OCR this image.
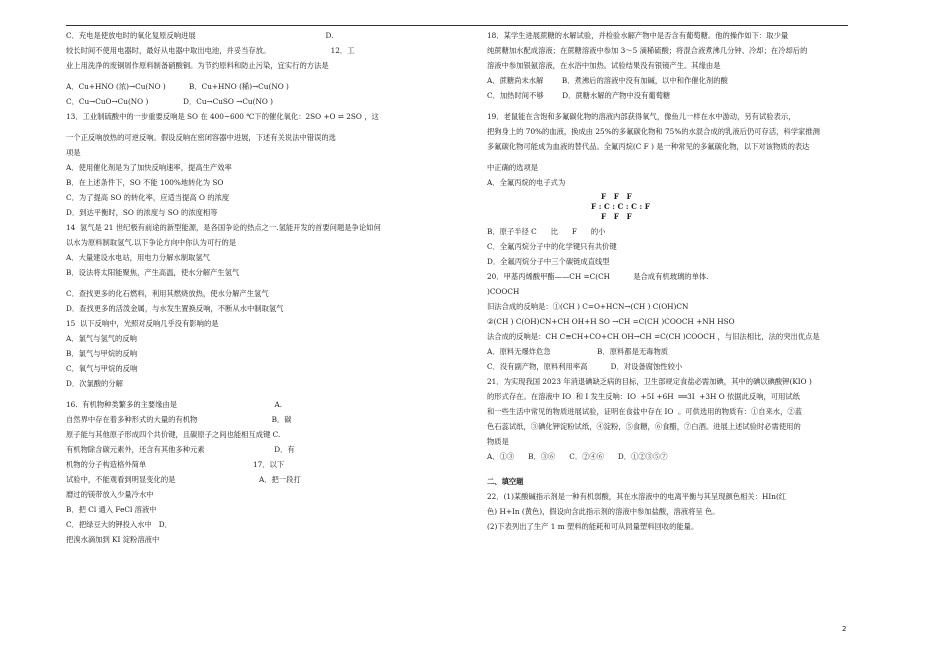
C．充电是使放电时的氧化复原反响进展                                                        D.

较长时间不使用电器时，最好从电器中取出电池，并妥当存放。                          12．工

业上用洗净的废铜屑作原料制备硝酸铜。为节约原料和防止污染，宜实行的方法是

A．Cu+HNO (浓)→Cu(NO )          B．Cu+HNO (稀)→Cu(NO )

C．Cu→CuO→Cu(NO )               D．Cu→CuSO →Cu(NO )

13．工业制硫酸中的一步重要反响是 SO 在 400~600 ℃下的催化氧化：2SO +O ⇌ 2SO ，这

一个正反响放热的可逆反响。假设反响在密闭容器中进展，下述有关说法中错误的选

项是

A．使用催化剂是为了加快反响速率，提高生产效率

B．在上述条件下，SO 不能 100%地转化为 SO

C．为了提高 SO 的转化率，应适当提高 O 的浓度

D．到达平衡时，SO 的浓度与 SO 的浓度相等

14  氢气是 21 世纪极有前途的新型能源，是各国争论的热点之一.氢能开发的首要问题是争论如何

以水为原料制取氢气.以下争论方向中你认为可行的是

A．大量建设水电站，用电力分解水制取氢气

B．设法将太阳能聚焦，产生高温，使水分解产生氢气

C．查找更多的化石燃料，利用其燃烧放热，使水分解产生氢气

D．查找更多的活泼金属，与水发生置换反响，不断从水中制取氢气

15  以下反响中，光照对反响几乎没有影响的是

A．氯气与氢气的反响

B．氯气与甲烷的反响

C．氧气与甲烷的反响

D．次氯酸的分解

16.  有机物种类繁多的主要缘由是                                          A.

自然界中存在着多种形式的大量的有机物                                B．碳

原子能与其他原子形成四个共价键，且碳原子之间也能相互成键 C.

有机物除含碳元素外，还含有其他多种元素                              D．有

机物的分子构造格外简单                                              17．以下

试验中，不能观看到明显变化的是                                    A．把一段打

磨过的镁带放入少量冷水中

B．把 Cl 通入 FeCl 溶液中

C．把绿豆大的钾投入水中   D．

把溴水滴加到 KI 淀粉溶液中

18．某学生进展蔗糖的水解试验，并检验水解产物中是否含有葡萄糖。他的操作如下：取少量

纯蔗糖加水配成溶液；在蔗糖溶液中参加 3～5 滴稀硫酸；将混合液煮沸几分钟、冷却；在冷却后的

溶液中参加银氨溶液，在水浴中加热。试验结果没有银镜产生。其缘由是

A．蔗糖尚未水解        B．煮沸后的溶液中没有加碱，以中和作催化剂的酸

C．加热时间不够        D．蔗糖水解的产物中没有葡萄糖

19．老鼠能在含饱和多氟碳化物的溶液内部获得氧气，像鱼儿一样在水中游动，另有试验表示，

把狗身上的 70%的血液，换成由 25%的多氟碳化物和 75%的水混合成的乳液后仍可存活，科学家推测

多氟碳化物可能成为血液的替代品。全氟丙烷(C F ) 是一种常见的多氟碳化物，以下对该物质的表达

中正确的选项是

A．全氟丙烷的电子式为

F   F   F

F : C : C : C : F

F   F   F

B．原子半径 C      比      F      的小

C．全氟丙烷分子中的化学键只有共价键

D．全氟丙烷分子中三个碳链成直线型

20．甲基丙烯酸甲酯——CH =C(CH          是合成有机玻璃的单体.

)COOCH

旧法合成的反响是：①(CH ) C=O+HCN→(CH ) C(OH)CN

②(CH ) C(OH)CN+CH OH+H SO →CH =C(CH )COOCH +NH HSO

法合成的反响是：CH C≡CH+CO+CH OH→CH =C(CH )COOCH ，与旧法相比，法的突出优点是

A．原料无爆炸危急                    B．原料都是无毒物质

C．没有副产物，原料利用率高          D．对设备腐蚀性较小

21．为实现我国 2023 年消退碘缺乏病的目标，卫生部规定食盐必需加碘，其中的碘以碘酸钾(KIO )

的形式存在。在溶液中 IO  和 I 发生反响：IO  +5I +6H  ══3I  +3H O 依据此反响，可用试纸

和一些生活中常见的物质进展试验，证明在食盐中存在 IO  。可供选用的物质有：①自来水，②蓝

色石蕊试纸，③碘化钾淀粉试纸，④淀粉，⑤食糖，⑥食醋，⑦白酒。进展上述试验时必需使用的

物质是

A．①③      B．③⑥      C．②④⑥      D．①②③⑤⑦

二、填空题

22．(1)某酸碱指示剂是一种有机弱酸，其在水溶液中的电离平衡与其呈现颜色相关：HIn(红

色) H+In (黄色)，假设向含此指示剂的溶液中参加盐酸，溶液将呈 色。

(2)下表列出了生产 1 m 塑料的能耗和可从同量塑料回收的能量。

2
